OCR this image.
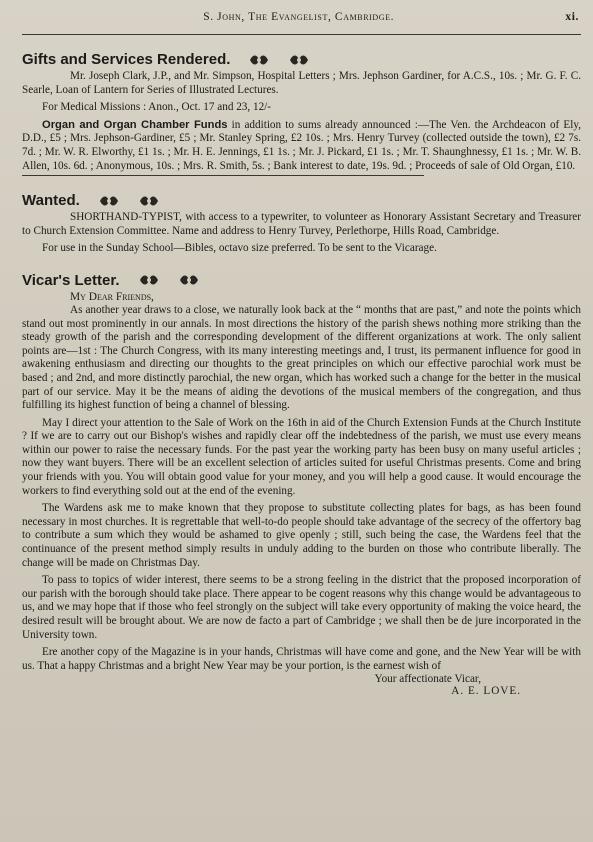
S. John, The Evangelist, Cambridge.	xi.
Gifts and Services Rendered.

Mr. Joseph Clark, J.P., and Mr. Simpson, Hospital Letters ; Mrs. Jephson Gardiner, for A.C.S., 10s. ; Mr. G. F. C. Searle, Loan of Lantern for Series of Illustrated Lectures.

For Medical Missions : Anon., Oct. 17 and 23, 12/-

Organ and Organ Chamber Funds in addition to sums already announced :—The Ven. the Archdeacon of Ely, D.D., £5 ; Mrs. Jephson-Gardiner, £5 ; Mr. Stanley Spring, £2 10s. ; Mrs. Henry Turvey (collected outside the town), £2 7s. 7d. ; Mr. W. R. Elworthy, £1 1s. ; Mr. H. E. Jennings, £1 1s. ; Mr. J. Pickard, £1 1s. ; Mr. T. Shaunghnessy, £1 1s. ; Mr. W. B. Allen, 10s. 6d. ; Anonymous, 10s. ; Mrs. R. Smith, 5s. ; Bank interest to date, 19s. 9d. ; Proceeds of sale of Old Organ, £10.

Wanted.

SHORTHAND-TYPIST, with access to a typewriter, to volunteer as Honorary Assistant Secretary and Treasurer to Church Extension Committee. Name and address to Henry Turvey, Perlethorpe, Hills Road, Cambridge.

For use in the Sunday School—Bibles, octavo size preferred. To be sent to the Vicarage.

Vicar's Letter.
My Dear Friends,

As another year draws to a close, we naturally look back at the “ months that are past,” and note the points which stand out most prominently in our annals. In most directions the history of the parish shews nothing more striking than the steady growth of the parish and the corresponding development of the different organizations at work. The only salient points are—1st : The Church Congress, with its many interesting meetings and, I trust, its permanent influence for good in awakening enthusiasm and directing our thoughts to the great principles on which our effective parochial work must be based ; and 2nd, and more distinctly parochial, the new organ, which has worked such a change for the better in the musical part of our service. May it be the means of aiding the devotions of the musical members of the congregation, and thus fulfilling its highest function of being a channel of blessing.

May I direct your attention to the Sale of Work on the 16th in aid of the Church Extension Funds at the Church Institute ? If we are to carry out our Bishop's wishes and rapidly clear off the indebtedness of the parish, we must use every means within our power to raise the necessary funds. For the past year the working party has been busy on many useful articles ; now they want buyers. There will be an excellent selection of articles suited for useful Christmas presents. Come and bring your friends with you. You will obtain good value for your money, and you will help a good cause. It would encourage the workers to find everything sold out at the end of the evening.

The Wardens ask me to make known that they propose to substitute collecting plates for bags, as has been found necessary in most churches. It is regrettable that well-to-do people should take advantage of the secrecy of the offertory bag to contribute a sum which they would be ashamed to give openly ; still, such being the case, the Wardens feel that the continuance of the present method simply results in unduly adding to the burden on those who contribute liberally. The change will be made on Christmas Day.

To pass to topics of wider interest, there seems to be a strong feeling in the district that the proposed incorporation of our parish with the borough should take place. There appear to be cogent reasons why this change would be advantageous to us, and we may hope that if those who feel strongly on the subject will take every opportunity of making the voice heard, the desired result will be brought about. We are now de facto a part of Cambridge ; we shall then be de jure incorporated in the University town.

Ere another copy of the Magazine is in your hands, Christmas will have come and gone, and the New Year will be with us. That a happy Christmas and a bright New Year may be your portion, is the earnest wish of

Your affectionate Vicar,
A. E. LOVE.
